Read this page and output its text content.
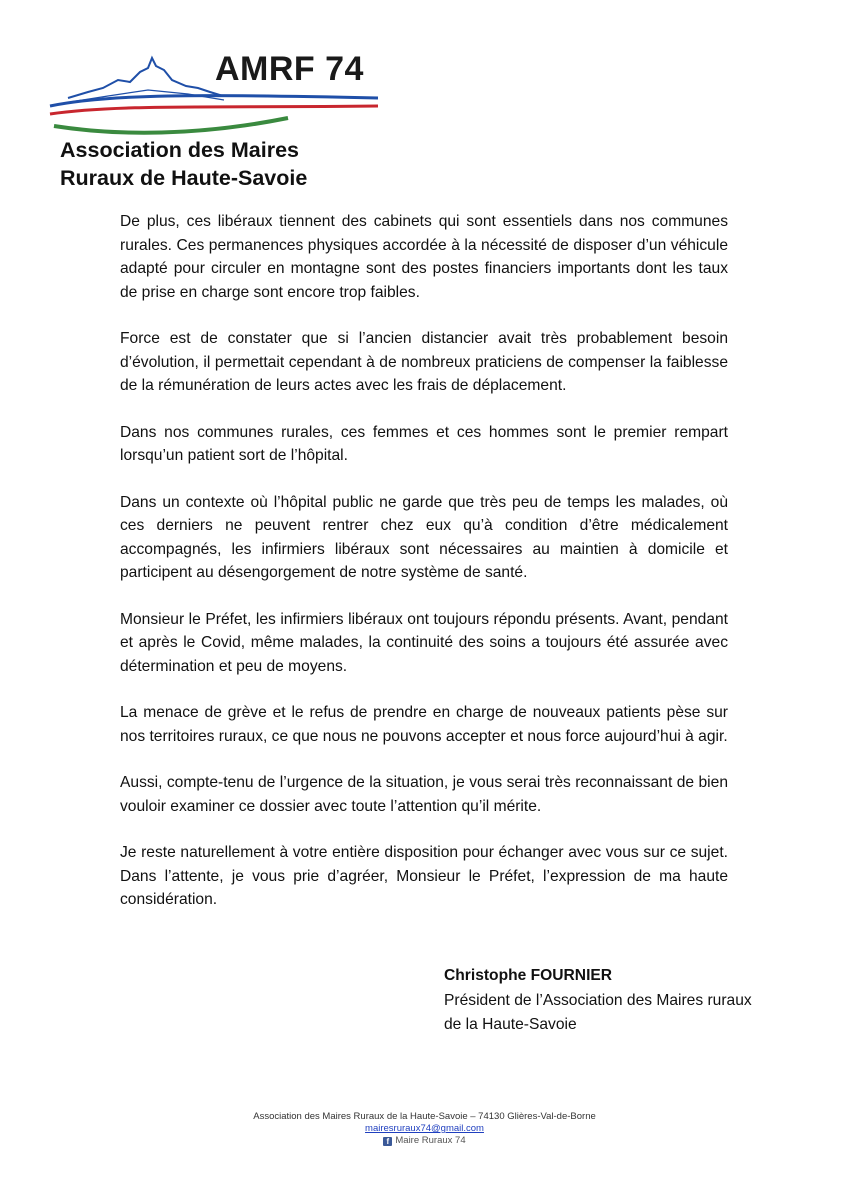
AMRF 74
Association des Maires
Ruraux de Haute-Savoie

De plus, ces libéraux tiennent des cabinets qui sont essentiels dans nos communes rurales. Ces permanences physiques accordée à la nécessité de disposer d’un véhicule adapté pour circuler en montagne sont des postes financiers importants dont les taux de prise en charge sont encore trop faibles.

Force est de constater que si l’ancien distancier avait très probablement besoin d’évolution, il permettait cependant à de nombreux praticiens de compenser la faiblesse de la rémunération de leurs actes avec les frais de déplacement.

Dans nos communes rurales, ces femmes et ces hommes sont le premier rempart lorsqu’un patient sort de l’hôpital.

Dans un contexte où l’hôpital public ne garde que très peu de temps les malades, où ces derniers ne peuvent rentrer chez eux qu’à condition d’être médicalement accompagnés, les infirmiers libéraux sont nécessaires au maintien à domicile et participent au désengorgement de notre système de santé.

Monsieur le Préfet, les infirmiers libéraux ont toujours répondu présents. Avant, pendant et après le Covid, même malades, la continuité des soins a toujours été assurée avec détermination et peu de moyens.

La menace de grève et le refus de prendre en charge de nouveaux patients pèse sur nos territoires ruraux, ce que nous ne pouvons accepter et nous force aujourd’hui à agir.

Aussi, compte-tenu de l’urgence de la situation, je vous serai très reconnaissant de bien vouloir examiner ce dossier avec toute l’attention qu’il mérite.

Je reste naturellement à votre entière disposition pour échanger avec vous sur ce sujet. Dans l’attente, je vous prie d’agréer, Monsieur le Préfet, l’expression de ma haute considération.

Christophe FOURNIER
Président de l’Association des Maires ruraux
de la Haute-Savoie
Association des Maires Ruraux de la Haute-Savoie – 74130 Glières-Val-de-Borne
mairesruraux74@gmail.com
f Maire Ruraux 74
